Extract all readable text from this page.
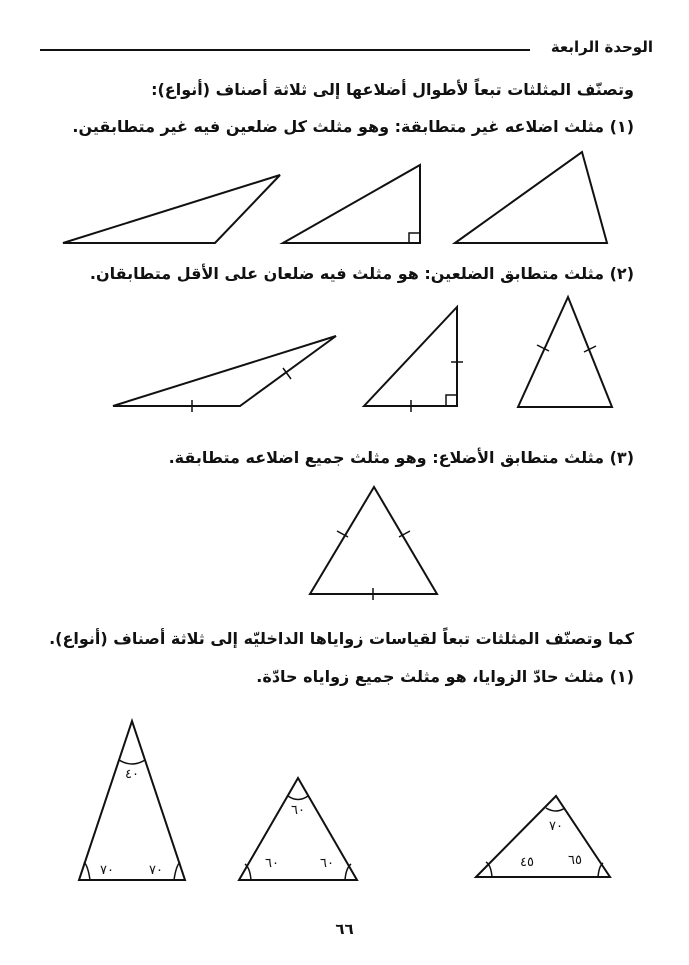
الوحدة الرابعة
وتصنّف المثلثات تبعاً لأطوال أضلاعها إلى ثلاثة أصناف (أنواع):
(١) مثلث اضلاعه غير متطابقة: وهو مثلث كل ضلعين فيه غير متطابقين.
(٢) مثلث متطابق الضلعين: هو مثلث فيه ضلعان على الأقل متطابقان.
(٣) مثلث متطابق الأضلاع: وهو مثلث جميع اضلاعه متطابقة.
كما وتصنّف المثلثات تبعاً لقياسات زواياها الداخليّه إلى ثلاثة أصناف (أنواع).
(١) مثلث حادّ الزوايا، هو مثلث جميع زواياه حادّة.
٤٠
٧٠	٧٠
٦٠
٦٠	٦٠
٧٠
٤٥	٦٥
٦٦
